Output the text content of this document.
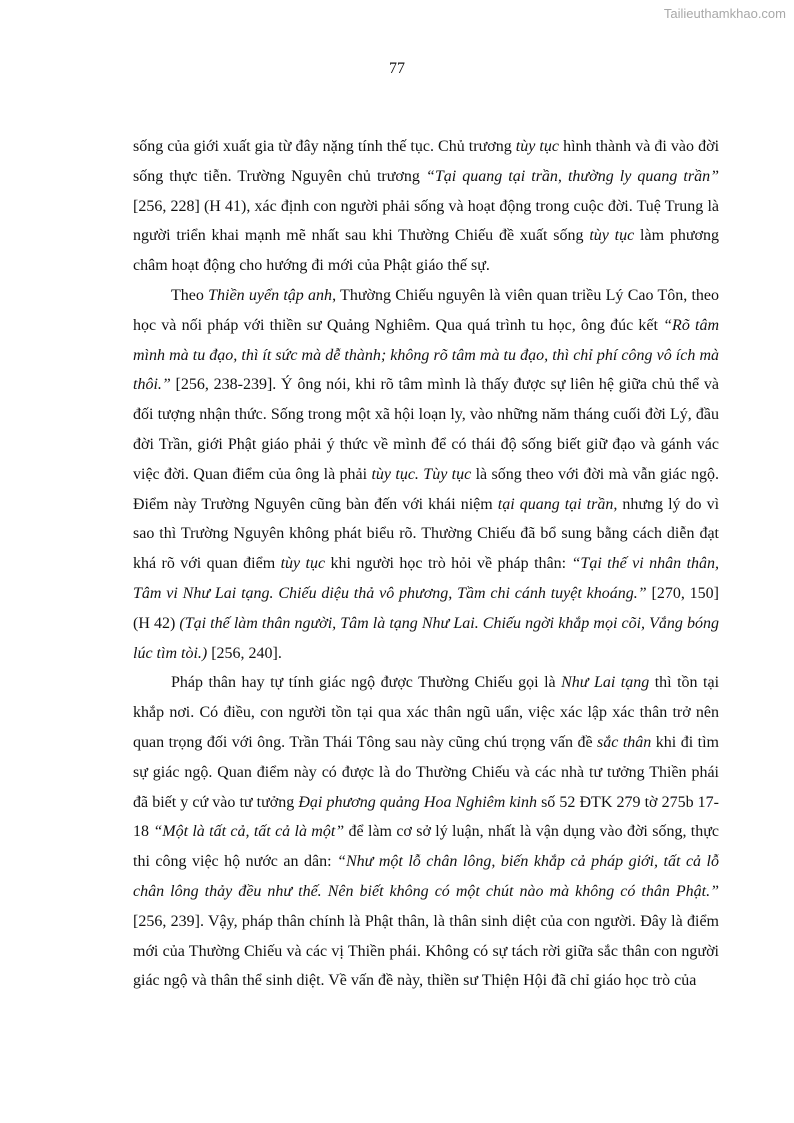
Tailieuthamkhao.com
77

sống của giới xuất gia từ đây nặng tính thế tục. Chủ trương tùy tục hình thành và đi vào đời sống thực tiễn. Trường Nguyên chủ trương “Tại quang tại trần, thường ly quang trần” [256, 228] (H 41), xác định con người phải sống và hoạt động trong cuộc đời. Tuệ Trung là người triển khai mạnh mẽ nhất sau khi Thường Chiếu đề xuất sống tùy tục làm phương châm hoạt động cho hướng đi mới của Phật giáo thế sự.

Theo Thiền uyển tập anh, Thường Chiếu nguyên là viên quan triều Lý Cao Tôn, theo học và nối pháp với thiền sư Quảng Nghiêm. Qua quá trình tu học, ông đúc kết “Rõ tâm mình mà tu đạo, thì ít sức mà dễ thành; không rõ tâm mà tu đạo, thì chỉ phí công vô ích mà thôi.” [256, 238-239]. Ý ông nói, khi rõ tâm mình là thấy được sự liên hệ giữa chủ thể và đối tượng nhận thức. Sống trong một xã hội loạn ly, vào những năm tháng cuối đời Lý, đầu đời Trần, giới Phật giáo phải ý thức về mình để có thái độ sống biết giữ đạo và gánh vác việc đời. Quan điểm của ông là phải tùy tục. Tùy tục là sống theo với đời mà vẫn giác ngộ. Điểm này Trường Nguyên cũng bàn đến với khái niệm tại quang tại trần, nhưng lý do vì sao thì Trường Nguyên không phát biểu rõ. Thường Chiếu đã bổ sung bằng cách diễn đạt khá rõ với quan điểm tùy tục khi người học trò hỏi về pháp thân: “Tại thế vi nhân thân, Tâm vi Như Lai tạng. Chiếu diệu thả vô phương, Tầm chi cánh tuyệt khoáng.” [270, 150] (H 42) (Tại thế làm thân người, Tâm là tạng Như Lai. Chiếu ngời khắp mọi cõi, Vắng bóng lúc tìm tòi.) [256, 240].

Pháp thân hay tự tính giác ngộ được Thường Chiếu gọi là Như Lai tạng thì tồn tại khắp nơi. Có điều, con người tồn tại qua xác thân ngũ uẩn, việc xác lập xác thân trở nên quan trọng đối với ông. Trần Thái Tông sau này cũng chú trọng vấn đề sắc thân khi đi tìm sự giác ngộ. Quan điểm này có được là do Thường Chiếu và các nhà tư tưởng Thiền phái đã biết y cứ vào tư tưởng Đại phương quảng Hoa Nghiêm kinh số 52 ĐTK 279 tờ 275b 17-18 “Một là tất cả, tất cả là một” để làm cơ sở lý luận, nhất là vận dụng vào đời sống, thực thi công việc hộ nước an dân: “Như một lỗ chân lông, biến khắp cả pháp giới, tất cả lỗ chân lông thảy đều như thế. Nên biết không có một chút nào mà không có thân Phật.” [256, 239]. Vậy, pháp thân chính là Phật thân, là thân sinh diệt của con người. Đây là điểm mới của Thường Chiếu và các vị Thiền phái. Không có sự tách rời giữa sắc thân con người giác ngộ và thân thể sinh diệt. Về vấn đề này, thiền sư Thiện Hội đã chỉ giáo học trò của
